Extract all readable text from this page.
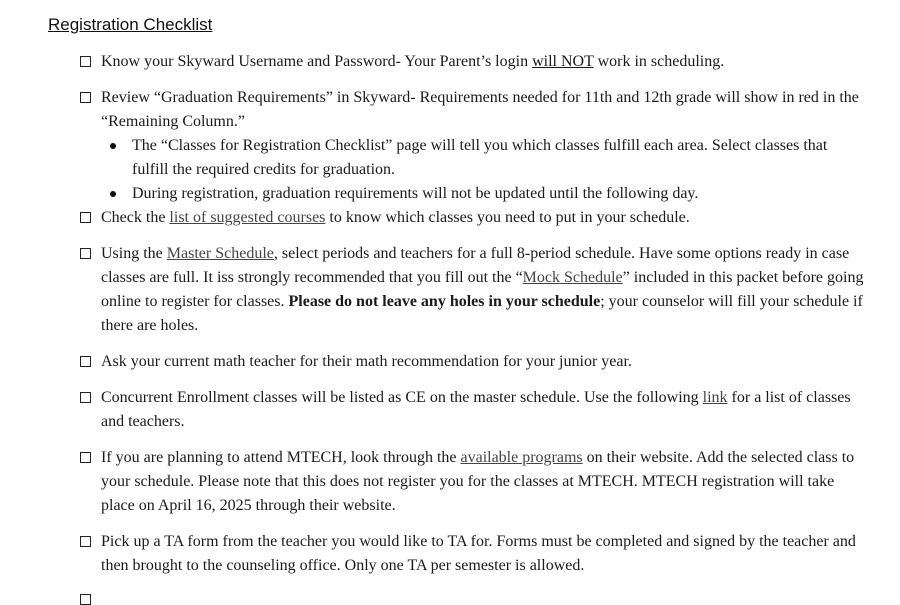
Registration Checklist
Know your Skyward Username and Password- Your Parent’s login will NOT work in scheduling.
Review “Graduation Requirements” in Skyward- Requirements needed for 11th and 12th grade will show in red in the “Remaining Column.”
The “Classes for Registration Checklist” page will tell you which classes fulfill each area. Select classes that fulfill the required credits for graduation.
During registration, graduation requirements will not be updated until the following day.
Check the list of suggested courses to know which classes you need to put in your schedule.
Using the Master Schedule, select periods and teachers for a full 8-period schedule. Have some options ready in case classes are full. It iss strongly recommended that you fill out the “Mock Schedule” included in this packet before going online to register for classes. Please do not leave any holes in your schedule; your counselor will fill your schedule if there are holes.
Ask your current math teacher for their math recommendation for your junior year.
Concurrent Enrollment classes will be listed as CE on the master schedule. Use the following link for a list of classes and teachers.
If you are planning to attend MTECH, look through the available programs on their website. Add the selected class to your schedule. Please note that this does not register you for the classes at MTECH. MTECH registration will take place on April 16, 2025 through their website.
Pick up a TA form from the teacher you would like to TA for. Forms must be completed and signed by the teacher and then brought to the counseling office. Only one TA per semester is allowed.
